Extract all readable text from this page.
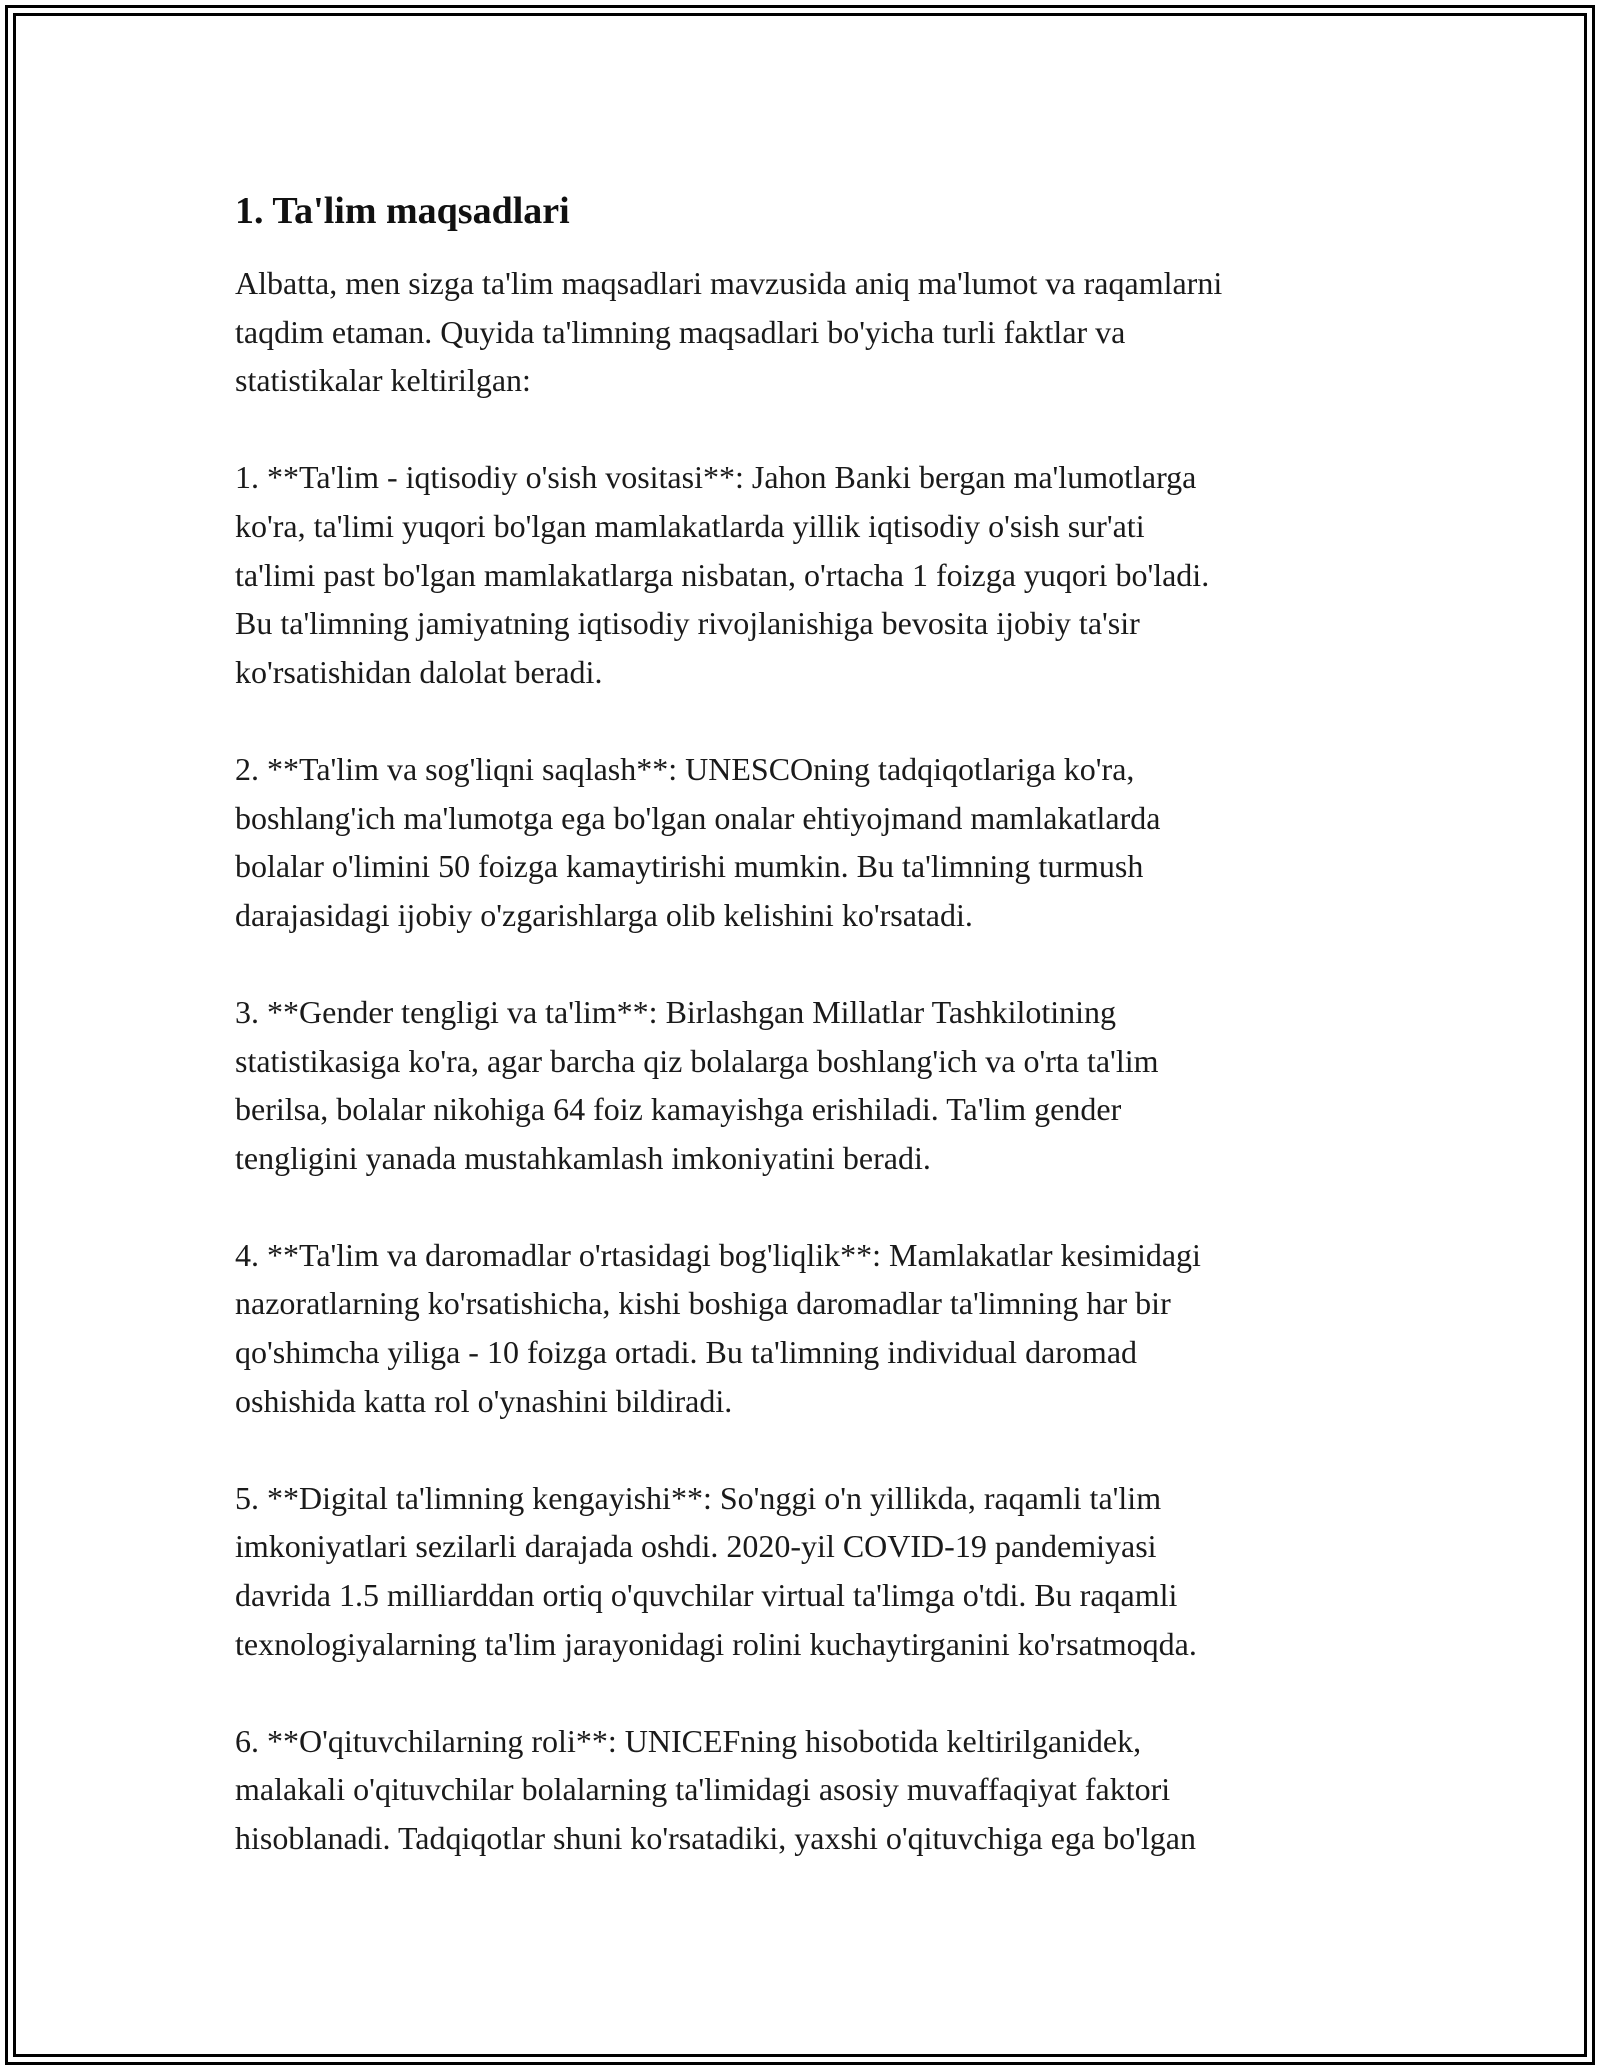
1. Ta'lim maqsadlari
Albatta, men sizga ta'lim maqsadlari mavzusida aniq ma'lumot va raqamlarni
taqdim etaman. Quyida ta'limning maqsadlari bo'yicha turli faktlar va
statistikalar keltirilgan:
1. **Ta'lim - iqtisodiy o'sish vositasi**: Jahon Banki bergan ma'lumotlarga
ko'ra, ta'limi yuqori bo'lgan mamlakatlarda yillik iqtisodiy o'sish sur'ati
ta'limi past bo'lgan mamlakatlarga nisbatan, o'rtacha 1 foizga yuqori bo'ladi.
Bu ta'limning jamiyatning iqtisodiy rivojlanishiga bevosita ijobiy ta'sir
ko'rsatishidan dalolat beradi.
2. **Ta'lim va sog'liqni saqlash**: UNESCOning tadqiqotlariga ko'ra,
boshlang'ich ma'lumotga ega bo'lgan onalar ehtiyojmand mamlakatlarda
bolalar o'limini 50 foizga kamaytirishi mumkin. Bu ta'limning turmush
darajasidagi ijobiy o'zgarishlarga olib kelishini ko'rsatadi.
3. **Gender tengligi va ta'lim**: Birlashgan Millatlar Tashkilotining
statistikasiga ko'ra, agar barcha qiz bolalarga boshlang'ich va o'rta ta'lim
berilsa, bolalar nikohiga 64 foiz kamayishga erishiladi. Ta'lim gender
tengligini yanada mustahkamlash imkoniyatini beradi.
4. **Ta'lim va daromadlar o'rtasidagi bog'liqlik**: Mamlakatlar kesimidagi
nazoratlarning ko'rsatishicha, kishi boshiga daromadlar ta'limning har bir
qo'shimcha yiliga - 10 foizga ortadi. Bu ta'limning individual daromad
oshishida katta rol o'ynashini bildiradi.
5. **Digital ta'limning kengayishi**: So'nggi o'n yillikda, raqamli ta'lim
imkoniyatlari sezilarli darajada oshdi. 2020-yil COVID-19 pandemiyasi
davrida 1.5 milliarddan ortiq o'quvchilar virtual ta'limga o'tdi. Bu raqamli
texnologiyalarning ta'lim jarayonidagi rolini kuchaytirganini ko'rsatmoqda.
6. **O'qituvchilarning roli**: UNICEFning hisobotida keltirilganidek,
malakali o'qituvchilar bolalarning ta'limidagi asosiy muvaffaqiyat faktori
hisoblanadi. Tadqiqotlar shuni ko'rsatadiki, yaxshi o'qituvchiga ega bo'lgan
